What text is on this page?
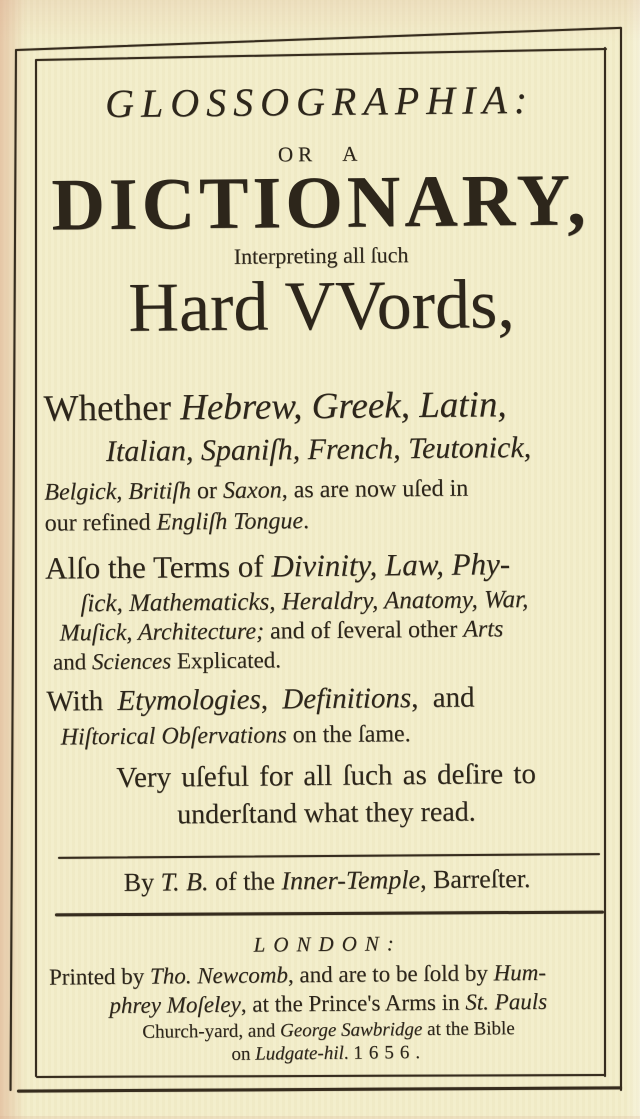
GLOSSOGRAPHIA:
OR A
DICTIONARY,
Interpreting all ſuch
Hard VVords,
Whether Hebrew, Greek, Latin,
Italian, Spaniſh, French, Teutonick,
Belgick, Britiſh or Saxon, as are now uſed in
our refined Engliſh Tongue.
Alſo the Terms of Divinity, Law, Phy-
ſick, Mathematicks, Heraldry, Anatomy, War,
Muſick, Architecture; and of ſeveral other Arts
and Sciences Explicated.
With Etymologies, Definitions, and
Hiſtorical Obſervations on the ſame.
Very uſeful for all ſuch as deſire to
underſtand what they read.
By T. B. of the Inner-Temple, Barreſter.
LONDON:
Printed by Tho. Newcomb, and are to be ſold by Hum-
phrey Moſeley, at the Prince's Arms in St. Pauls
Church-yard, and George Sawbridge at the Bible
on Ludgate-hil. 1656.
